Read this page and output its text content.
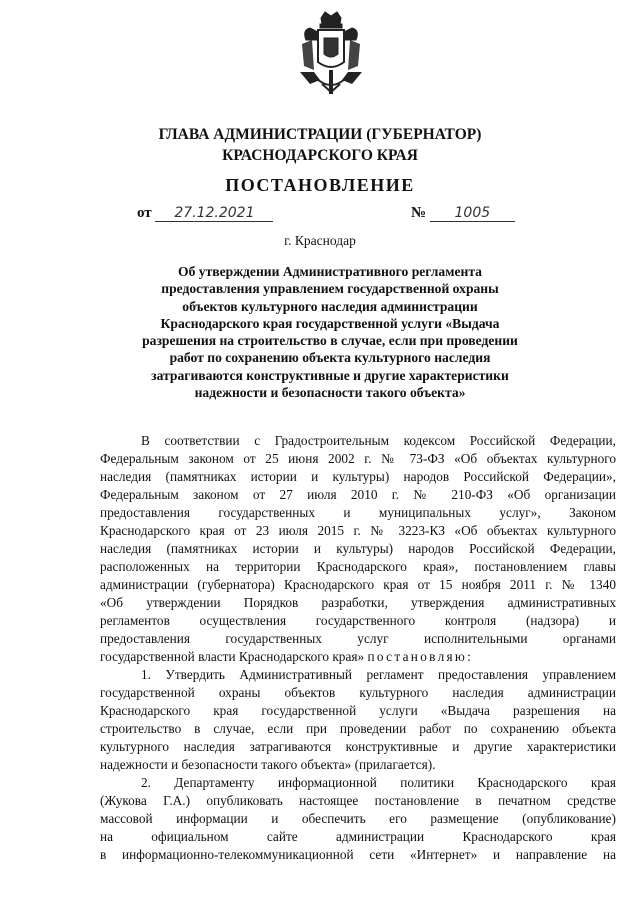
ГЛАВА АДМИНИСТРАЦИИ (ГУБЕРНАТОР)
КРАСНОДАРСКОГО КРАЯ
ПОСТАНОВЛЕНИЕ
от 27.12.2021	№ 1005
г. Краснодар
Об утверждении Административного регламента
предоставления управлением государственной охраны
объектов культурного наследия администрации
Краснодарского края государственной услуги «Выдача
разрешения на строительство в случае, если при проведении
работ по сохранению объекта культурного наследия
затрагиваются конструктивные и другие характеристики
надежности и безопасности такого объекта»
В соответствии с Градостроительным кодексом Российской Федерации,
Федеральным законом от 25 июня 2002 г. № 73-ФЗ «Об объектах культурного
наследия (памятниках истории и культуры) народов Российской Федерации»,
Федеральным законом от 27 июля 2010 г. № 210-ФЗ «Об организации
предоставления государственных и муниципальных услуг», Законом
Краснодарского края от 23 июля 2015 г. № 3223-КЗ «Об объектах культурного
наследия (памятниках истории и культуры) народов Российской Федерации,
расположенных на территории Краснодарского края», постановлением главы
администрации (губернатора) Краснодарского края от 15 ноября 2011 г. № 1340
«Об утверждении Порядков разработки, утверждения административных
регламентов осуществления государственного контроля (надзора) и
предоставления государственных услуг исполнительными органами
государственной власти Краснодарского края» постановляю:
1. Утвердить Административный регламент предоставления управлением
государственной охраны объектов культурного наследия администрации
Краснодарского края государственной услуги «Выдача разрешения на
строительство в случае, если при проведении работ по сохранению объекта
культурного наследия затрагиваются конструктивные и другие характеристики
надежности и безопасности такого объекта» (прилагается).
2. Департаменту информационной политики Краснодарского края
(Жукова Г.А.) опубликовать настоящее постановление в печатном средстве
массовой информации и обеспечить его размещение (опубликование)
на официальном сайте администрации Краснодарского края
в информационно-телекоммуникационной сети «Интернет» и направление на
